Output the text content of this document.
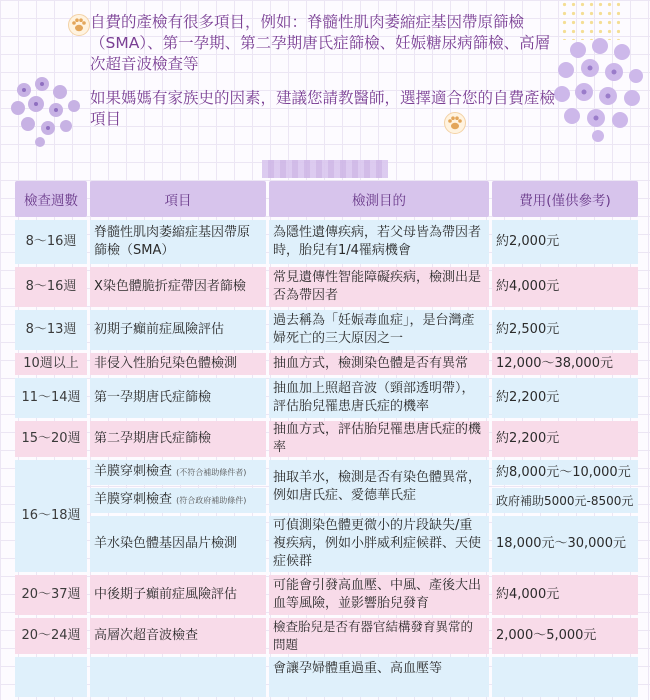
自費的產檢有很多項目，例如：脊髓性肌肉萎縮症基因帶原篩檢（SMA）、第一孕期、第二孕期唐氏症篩檢、妊娠糖尿病篩檢、高層次超音波檢查等

如果媽媽有家族史的因素，建議您請教醫師，選擇適合您的自費產檢項目

檢查週數	項目	檢測目的	費用(僅供參考)
8～16週	脊髓性肌肉萎縮症基因帶原篩檢（SMA）	為隱性遺傳疾病，若父母皆為帶因者時，胎兒有1/4罹病機會	約2,000元
8～16週	X染色體脆折症帶因者篩檢	常見遺傳性智能障礙疾病，檢測出是否為帶因者	約4,000元
8～13週	初期子癲前症風險評估	過去稱為「妊娠毒血症」，是台灣產婦死亡的三大原因之一	約2,500元
10週以上	非侵入性胎兒染色體檢測	抽血方式，檢測染色體是否有異常	12,000～38,000元
11～14週	第一孕期唐氏症篩檢	抽血加上照超音波（頸部透明帶），評估胎兒罹患唐氏症的機率	約2,200元
15～20週	第二孕期唐氏症篩檢	抽血方式，評估胎兒罹患唐氏症的機率	約2,200元
16～18週	羊膜穿刺檢查 (不符合補助條件者)	抽取羊水，檢測是否有染色體異常，例如唐氏症、愛德華氏症	約8,000元～10,000元
	羊膜穿刺檢查 (符合政府補助條件)		政府補助5000元-8500元
	羊水染色體基因晶片檢測	可偵測染色體更微小的片段缺失/重複疾病，例如小胖威利症候群、天使症候群	18,000元～30,000元
20～37週	中後期子癲前症風險評估	可能會引發高血壓、中風、產後大出血等風險，並影響胎兒發育	約4,000元
20～24週	高層次超音波檢查	檢查胎兒是否有器官結構發育異常的問題	2,000～5,000元
		會讓孕婦體重過重、高血壓等	
